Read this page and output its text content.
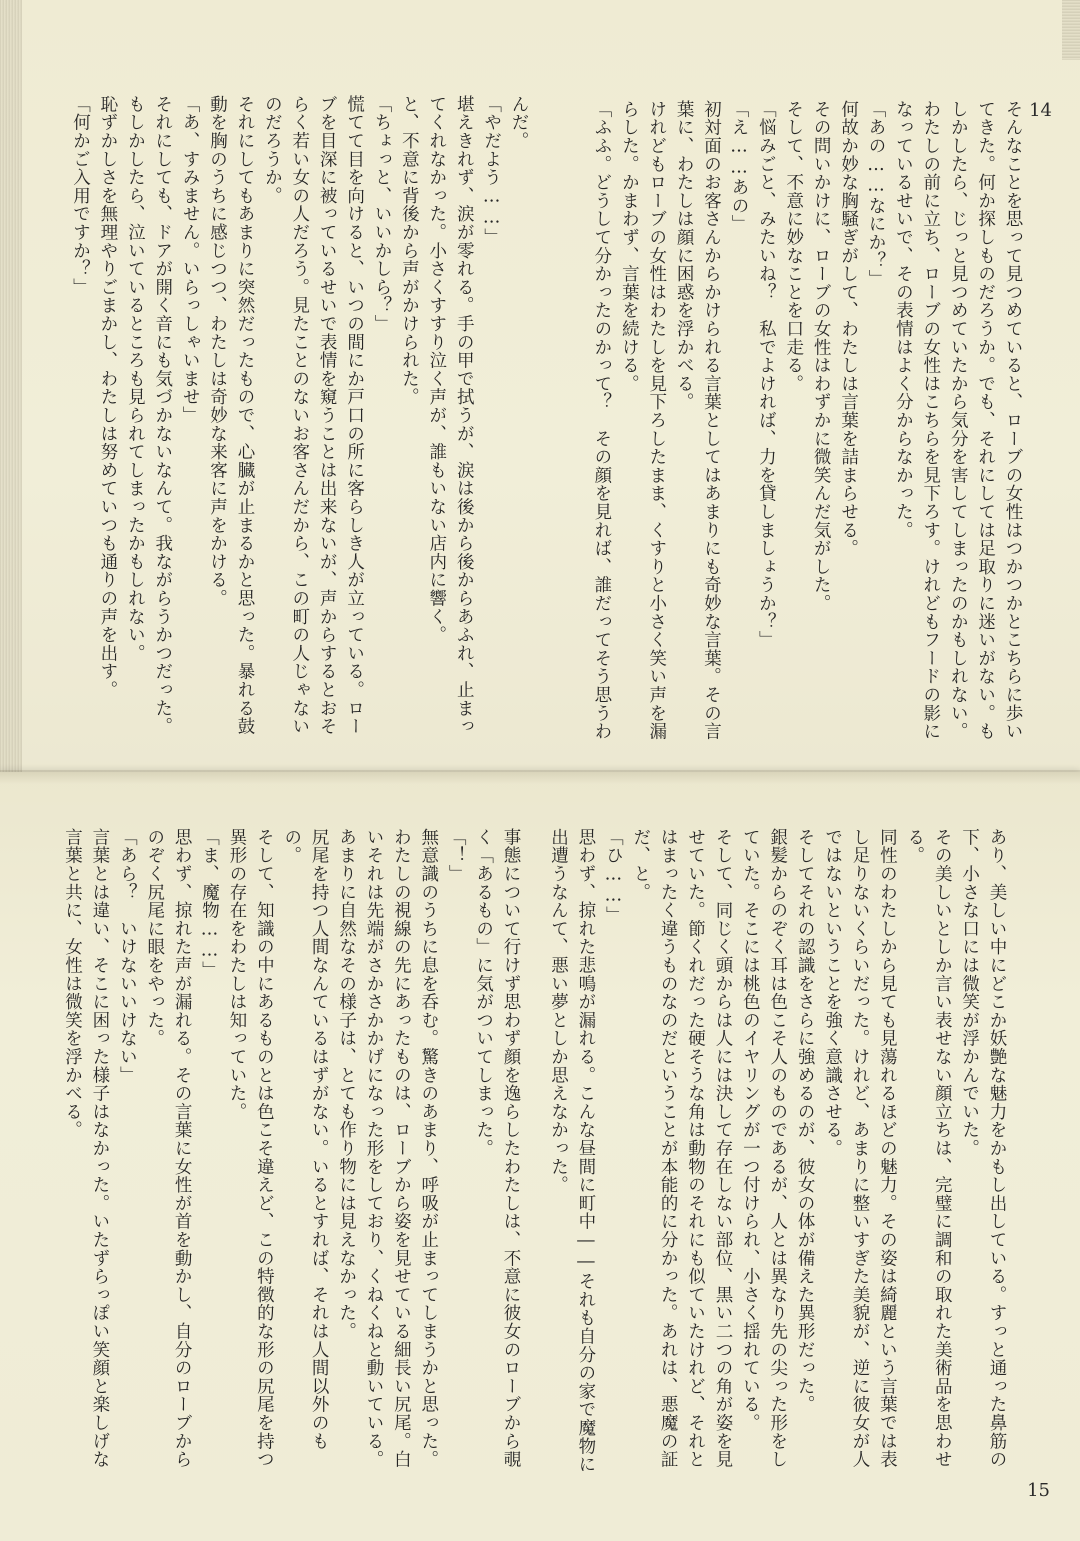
14

そんなことを思って見つめていると、ローブの女性はつかつかとこちらに歩いてきた。何か探しものだろうか。でも、それにしては足取りに迷いがない。もしかしたら、じっと見つめていたから気分を害してしまったのかもしれない。
わたしの前に立ち、ローブの女性はこちらを見下ろす。けれどもフードの影になっているせいで、その表情はよく分からなかった。
「あの……なにか？」
何故か妙な胸騒ぎがして、わたしは言葉を詰まらせる。
その問いかけに、ローブの女性はわずかに微笑んだ気がした。
そして、不意に妙なことを口走る。
「悩みごと、みたいね？　私でよければ、力を貸しましょうか？」
「え……あの」
初対面のお客さんからかけられる言葉としてはあまりにも奇妙な言葉。その言葉に、わたしは顔に困惑を浮かべる。
けれどもローブの女性はわたしを見下ろしたまま、くすりと小さく笑い声を漏らした。かまわず、言葉を続ける。
「ふふ。どうして分かったのかって？　その顔を見れば、誰だってそう思うわ

んだ。
「やだよう……」
堪えきれず、涙が零れる。手の甲で拭うが、涙は後から後からあふれ、止まってくれなかった。小さくすすり泣く声が、誰もいない店内に響く。
と、不意に背後から声がかけられた。
「ちょっと、いいかしら？」
慌てて目を向けると、いつの間にか戸口の所に客らしき人が立っている。ローブを目深に被っているせいで表情を窺うことは出来ないが、声からするとおそらく若い女の人だろう。見たことのないお客さんだから、この町の人じゃないのだろうか。
それにしてもあまりに突然だったもので、心臓が止まるかと思った。暴れる鼓動を胸のうちに感じつつ、わたしは奇妙な来客に声をかける。
「あ、すみません。いらっしゃいませ」
それにしても、ドアが開く音にも気づかないなんて。我ながらうかつだった。もしかしたら、泣いているところも見られてしまったかもしれない。
恥ずかしさを無理やりごまかし、わたしは努めていつも通りの声を出す。
「何かご入用ですか？」

15

あり、美しい中にどこか妖艶な魅力をかもし出している。すっと通った鼻筋の下、小さな口には微笑が浮かんでいた。
その美しいとしか言い表せない顔立ちは、完璧に調和の取れた美術品を思わせる。
同性のわたしから見ても見蕩れるほどの魅力。その姿は綺麗という言葉では表し足りないくらいだった。けれど、あまりに整いすぎた美貌が、逆に彼女が人ではないということを強く意識させる。
そしてそれの認識をさらに強めるのが、彼女の体が備えた異形だった。
銀髪からのぞく耳は色こそ人のものであるが、人とは異なり先の尖った形をしていた。そこには桃色のイヤリングが一つ付けられ、小さく揺れている。
そして、同じく頭からは人には決して存在しない部位、黒い二つの角が姿を見せていた。節くれだった硬そうな角は動物のそれにも似ていたけれど、それとはまったく違うものなのだということが本能的に分かった。あれは、悪魔の証だ、と。
「ひ……」
思わず、掠れた悲鳴が漏れる。こんな昼間に町中――それも自分の家で魔物に出遭うなんて、悪い夢としか思えなかった。

事態について行けず思わず顔を逸らしたわたしは、不意に彼女のローブから覗く「あるもの」に気がついてしまった。
「！」
無意識のうちに息を呑む。驚きのあまり、呼吸が止まってしまうかと思った。
わたしの視線の先にあったものは、ローブから姿を見せている細長い尻尾。白いそれは先端がさかさかかげになった形をしており、くねくねと動いている。あまりに自然なその様子は、とても作り物には見えなかった。
尻尾を持つ人間なんているはずがない。いるとすれば、それは人間以外のもの。
そして、知識の中にあるものとは色こそ違えど、この特徴的な形の尻尾を持つ異形の存在をわたしは知っていた。
「ま、魔物……」
思わず、掠れた声が漏れる。その言葉に女性が首を動かし、自分のローブからのぞく尻尾に眼をやった。
「あら？　いけないいけない」
言葉とは違い、そこに困った様子はなかった。いたずらっぽい笑顔と楽しげな言葉と共に、女性は微笑を浮かべる。
